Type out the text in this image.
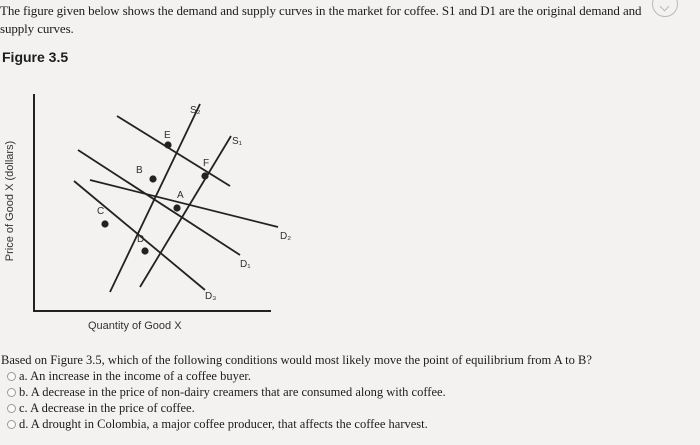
The figure given below shows the demand and supply curves in the market for coffee. S1 and D1 are the original demand and
supply curves.
Figure 3.5
Price of Good X (dollars)
S₂
S₁
D₂
D₁
D₃
E
F
B
A
C
D
Quantity of Good X
Based on Figure 3.5, which of the following conditions would most likely move the point of equilibrium from A to B?
a. An increase in the income of a coffee buyer.
b. A decrease in the price of non-dairy creamers that are consumed along with coffee.
c. A decrease in the price of coffee.
d. A drought in Colombia, a major coffee producer, that affects the coffee harvest.
